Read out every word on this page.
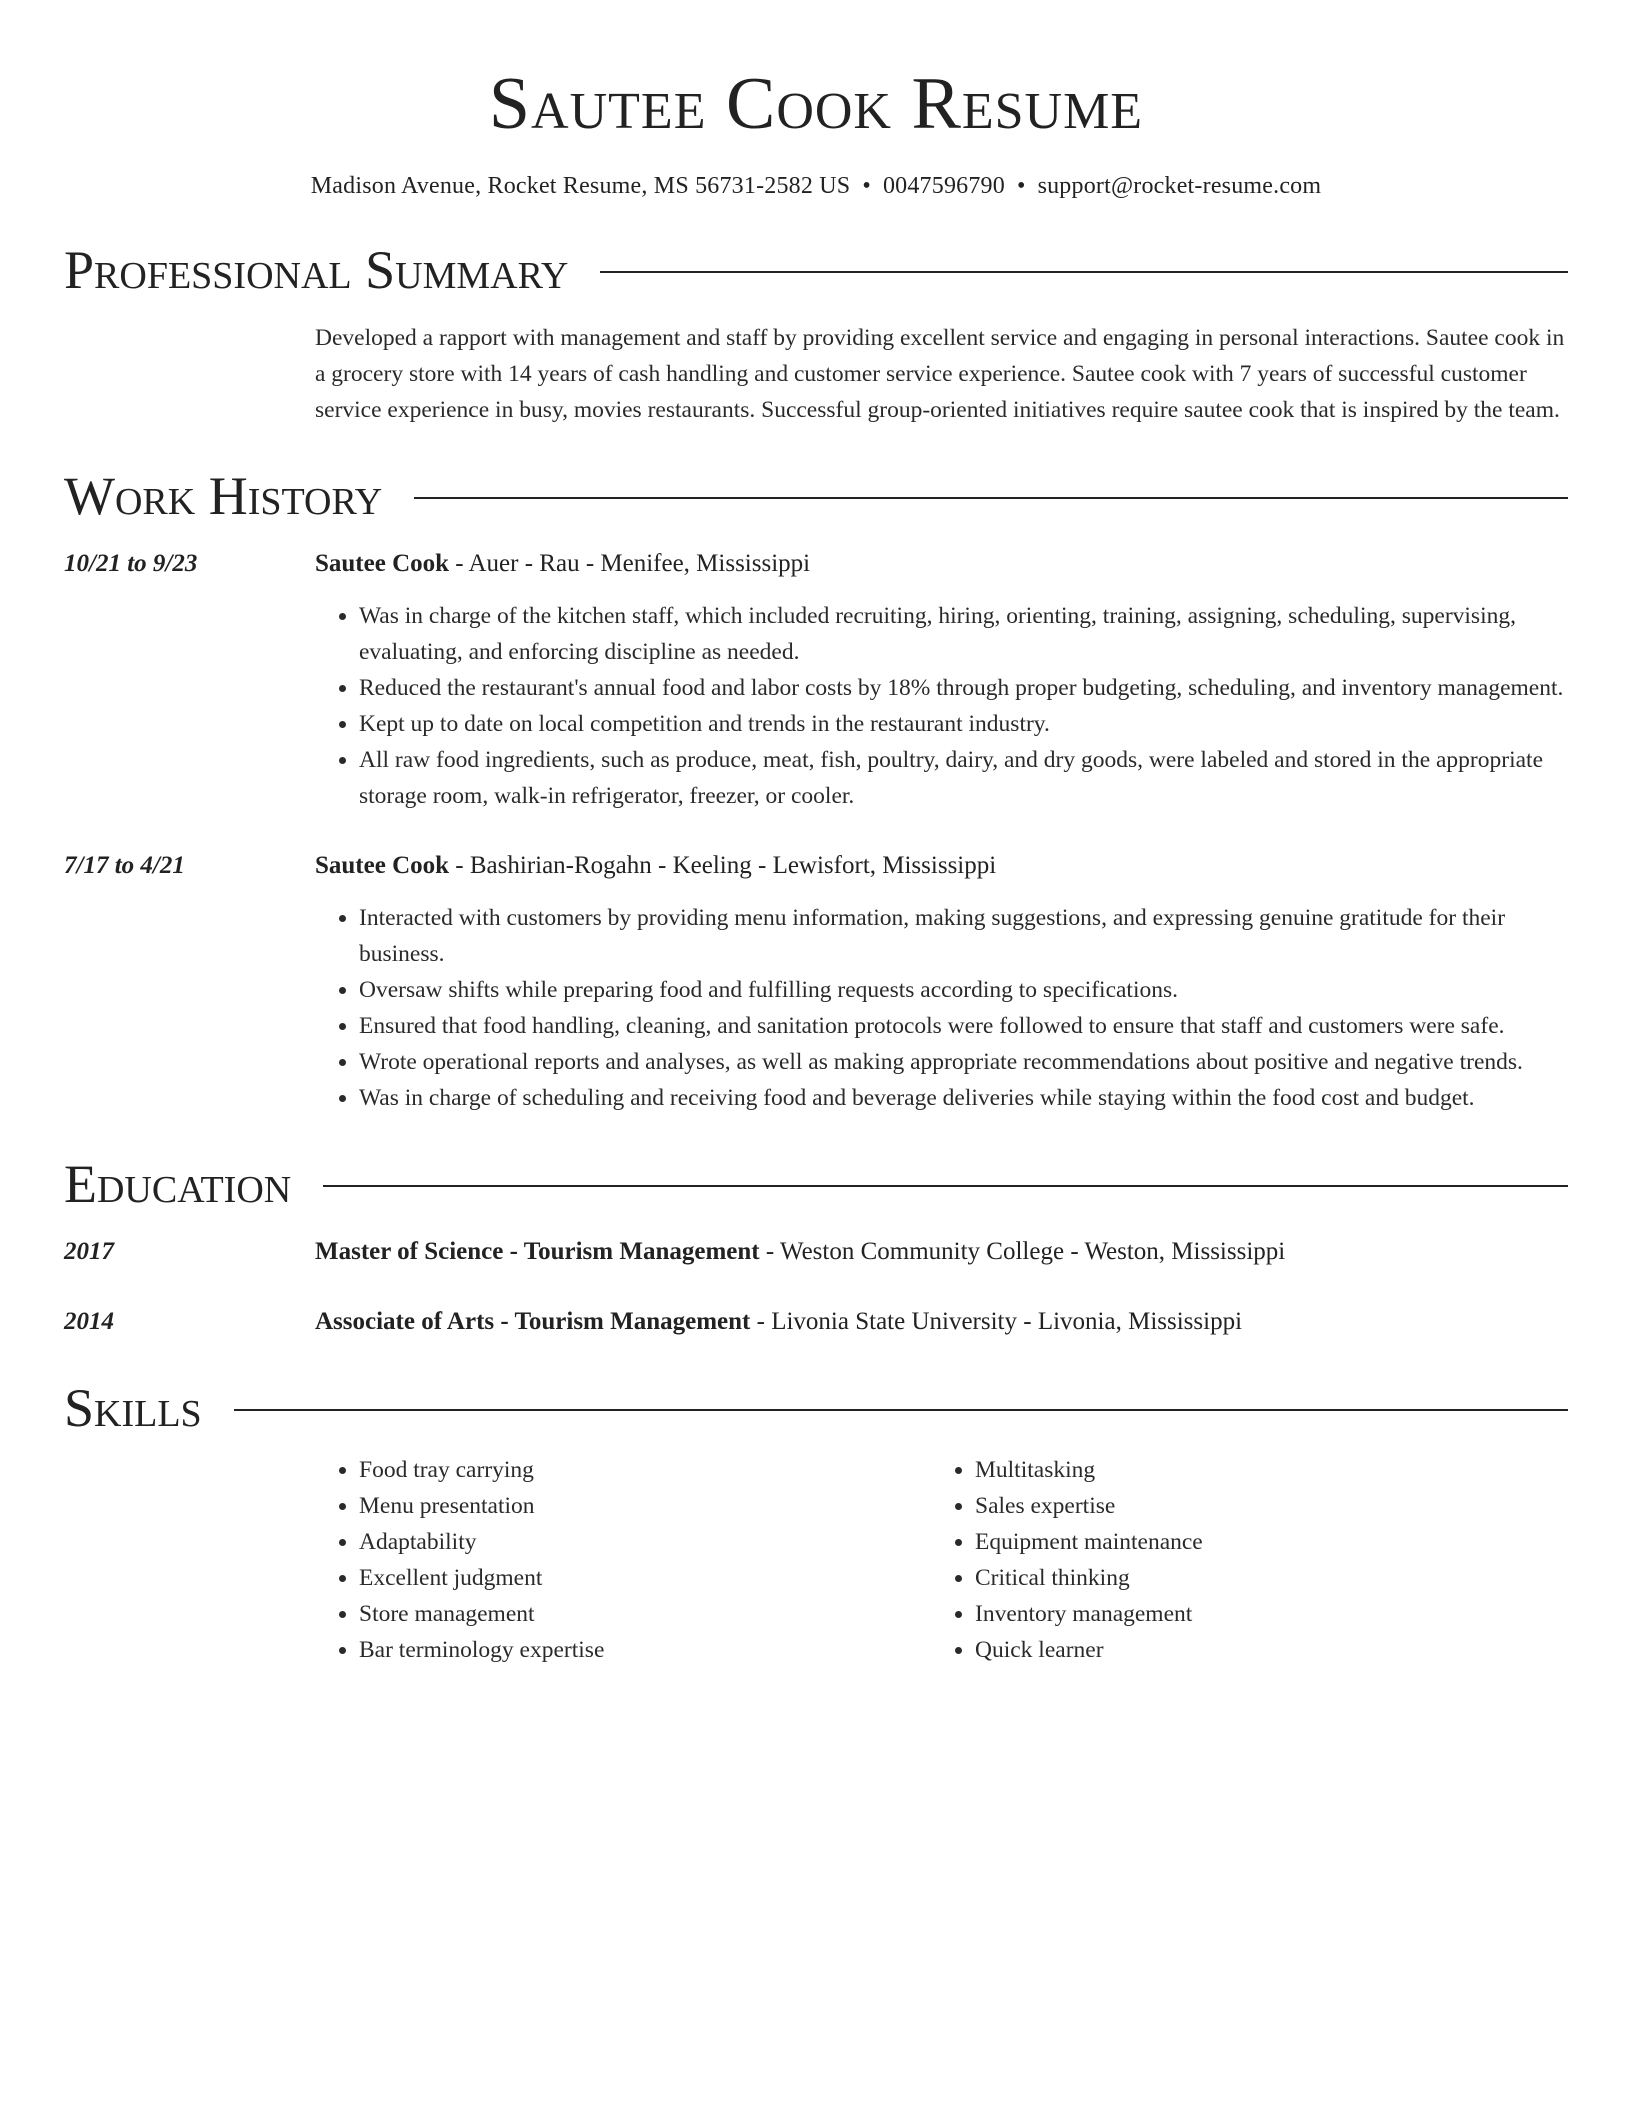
Sautee Cook Resume
Madison Avenue, Rocket Resume, MS 56731-2582 US • 0047596790 • support@rocket-resume.com
Professional Summary
Developed a rapport with management and staff by providing excellent service and engaging in personal interactions. Sautee cook in a grocery store with 14 years of cash handling and customer service experience. Sautee cook with 7 years of successful customer service experience in busy, movies restaurants. Successful group-oriented initiatives require sautee cook that is inspired by the team.
Work History
10/21 to 9/23	Sautee Cook - Auer - Rau - Menifee, Mississippi
• Was in charge of the kitchen staff, which included recruiting, hiring, orienting, training, assigning, scheduling, supervising, evaluating, and enforcing discipline as needed.
• Reduced the restaurant's annual food and labor costs by 18% through proper budgeting, scheduling, and inventory management.
• Kept up to date on local competition and trends in the restaurant industry.
• All raw food ingredients, such as produce, meat, fish, poultry, dairy, and dry goods, were labeled and stored in the appropriate storage room, walk-in refrigerator, freezer, or cooler.
7/17 to 4/21	Sautee Cook - Bashirian-Rogahn - Keeling - Lewisfort, Mississippi
• Interacted with customers by providing menu information, making suggestions, and expressing genuine gratitude for their business.
• Oversaw shifts while preparing food and fulfilling requests according to specifications.
• Ensured that food handling, cleaning, and sanitation protocols were followed to ensure that staff and customers were safe.
• Wrote operational reports and analyses, as well as making appropriate recommendations about positive and negative trends.
• Was in charge of scheduling and receiving food and beverage deliveries while staying within the food cost and budget.
Education
2017	Master of Science - Tourism Management - Weston Community College - Weston, Mississippi
2014	Associate of Arts - Tourism Management - Livonia State University - Livonia, Mississippi
Skills
• Food tray carrying
• Menu presentation
• Adaptability
• Excellent judgment
• Store management
• Bar terminology expertise
• Multitasking
• Sales expertise
• Equipment maintenance
• Critical thinking
• Inventory management
• Quick learner
